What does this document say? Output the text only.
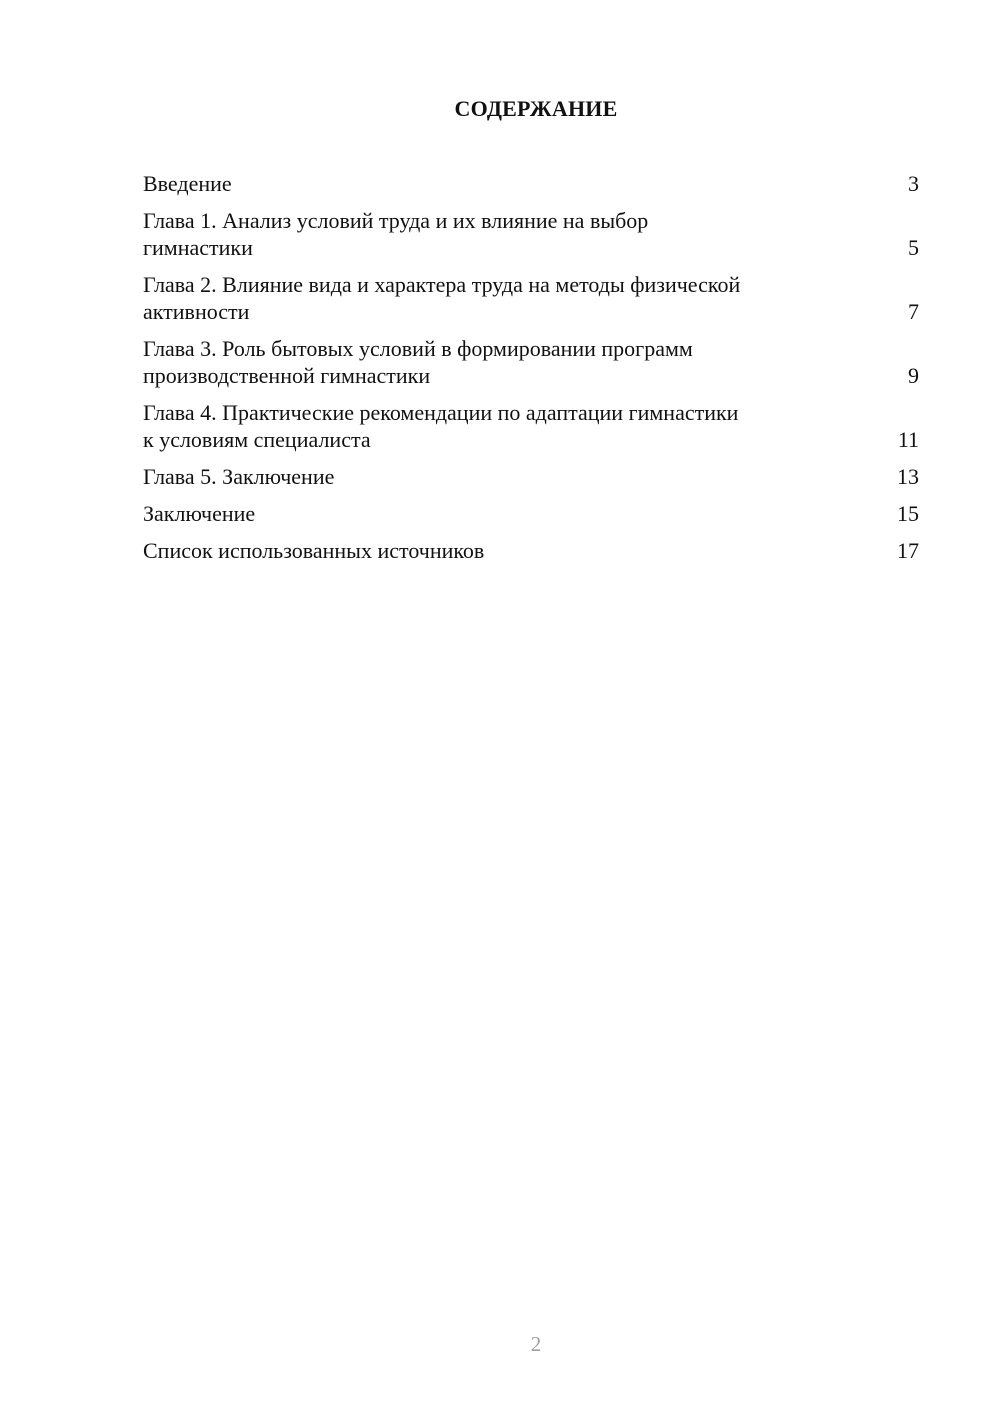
СОДЕРЖАНИЕ
Введение	3
Глава 1. Анализ условий труда и их влияние на выбор
гимнастики	5
Глава 2. Влияние вида и характера труда на методы физической
активности	7
Глава 3. Роль бытовых условий в формировании программ
производственной гимнастики	9
Глава 4. Практические рекомендации по адаптации гимнастики
к условиям специалиста	11
Глава 5. Заключение	13
Заключение	15
Список использованных источников	17
2
